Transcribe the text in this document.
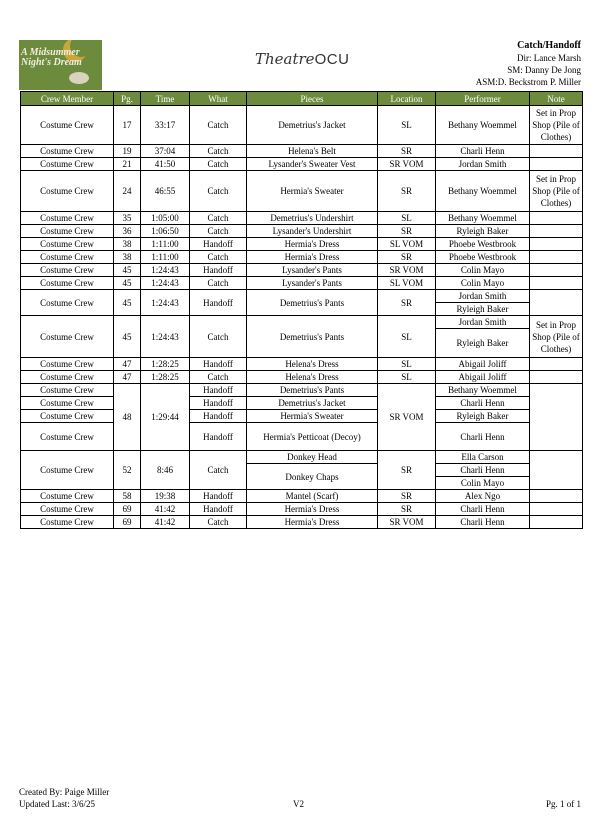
A Midsummer
Night's Dream	TheatreOCU
Catch/Handoff
Dir: Lance Marsh
SM: Danny De Jong
ASM:D. Beckstrom P. Miller
Crew Member	Pg.	Time	What	Pieces	Location	Performer	Note
Costume Crew	17	33:17	Catch	Demetrius's Jacket	SL	Bethany Woemmel	Set in Prop Shop (Pile of Clothes)
Costume Crew	19	37:04	Catch	Helena's Belt	SR	Charli Henn	
Costume Crew	21	41:50	Catch	Lysander's Sweater Vest	SR VOM	Jordan Smith	
Costume Crew	24	46:55	Catch	Hermia's Sweater	SR	Bethany Woemmel	Set in Prop Shop (Pile of Clothes)
Costume Crew	35	1:05:00	Catch	Demetrius's Undershirt	SL	Bethany Woemmel	
Costume Crew	36	1:06:50	Catch	Lysander's Undershirt	SR	Ryleigh Baker	
Costume Crew	38	1:11:00	Handoff	Hermia's Dress	SL VOM	Phoebe Westbrook	
Costume Crew	38	1:11:00	Catch	Hermia's Dress	SR	Phoebe Westbrook	
Costume Crew	45	1:24:43	Handoff	Lysander's Pants	SR VOM	Colin Mayo	
Costume Crew	45	1:24:43	Catch	Lysander's Pants	SL VOM	Colin Mayo	
Costume Crew	45	1:24:43	Handoff	Demetrius's Pants	SR	Jordan Smith	
						Ryleigh Baker	
Costume Crew	45	1:24:43	Catch	Demetrius's Pants	SL	Jordan Smith	Set in Prop Shop (Pile of Clothes)
						Ryleigh Baker	
Costume Crew	47	1:28:25	Handoff	Helena's Dress	SL	Abigail Joliff	
Costume Crew	47	1:28:25	Catch	Helena's Dress	SL	Abigail Joliff	
Costume Crew	48	1:29:44	Handoff	Demetrius's Pants	SR VOM	Bethany Woemmel	
Costume Crew			Handoff	Demetrius's Jacket		Charli Henn	
Costume Crew			Handoff	Hermia's Sweater		Ryleigh Baker	
Costume Crew			Handoff	Hermia's Petticoat (Decoy)		Charli Henn	
Costume Crew	52	8:46	Catch	Donkey Head	SR	Ella Carson	
				Donkey Chaps		Charli Henn	
						Colin Mayo	
Costume Crew	58	19:38	Handoff	Mantel (Scarf)	SR	Alex Ngo	
Costume Crew	69	41:42	Handoff	Hermia's Dress	SR	Charli Henn	
Costume Crew	69	41:42	Catch	Hermia's Dress	SR VOM	Charli Henn	
Created By: Paige Miller
Updated Last: 3/6/25	V2	Pg. 1 of 1
